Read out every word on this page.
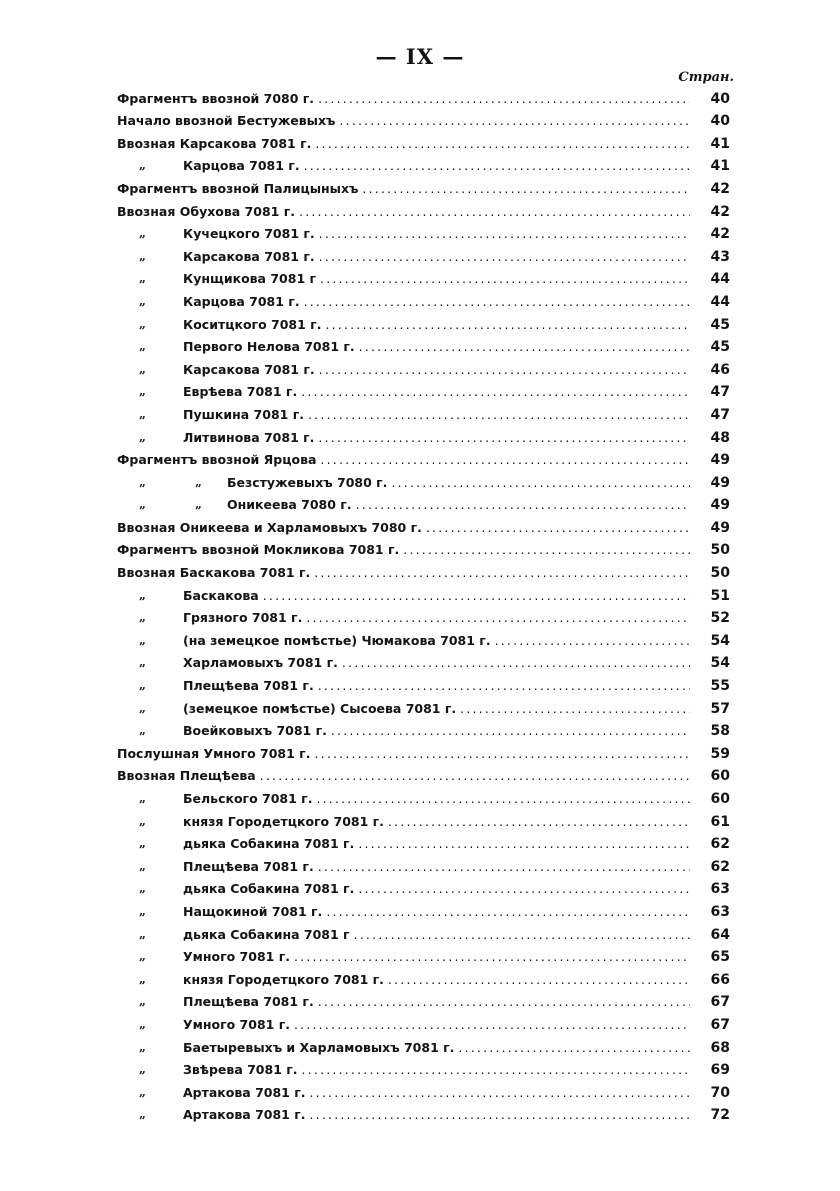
— IX —
Стран.
Фрагментъ ввозной 7080 г. .....	40
Начало ввозной Бестужевыхъ .....	40
Ввозная Карсакова 7081 г. .....	41
„	Карцова 7081 г. .....	41
Фрагментъ ввозной Палицыныхъ .....	42
Ввозная Обухова 7081 г. .....	42
„	Кучецкого 7081 г. .....	42
„	Карсакова 7081 г. .....	43
„	Кунщикова 7081 г .....	44
„	Карцова 7081 г. .....	44
„	Коситцкого 7081 г. .....	45
„	Первого Нелова 7081 г. .....	45
„	Карсакова 7081 г. .....	46
„	Еврѣева 7081 г. .....	47
„	Пушкина 7081 г. .....	47
„	Литвинова 7081 г. .....	48
Фрагментъ ввозной Ярцова .....	49
„	„ Безстужевыхъ 7080 г. .....	49
„	„ Оникеева 7080 г. .....	49
Ввозная Оникеева и Харламовыхъ 7080 г. .....	49
Фрагментъ ввозной Мокликова 7081 г. .....	50
Ввозная Баскакова 7081 г. .....	50
„	Баскакова .....	51
„	Грязного 7081 г. .....	52
„	(на земецкое помѣстье) Чюмакова 7081 г. .....	54
„	Харламовыхъ 7081 г. .....	54
„	Плещѣева 7081 г. .....	55
„	(земецкое помѣстье) Сысоева 7081 г. .....	57
„	Воейковыхъ 7081 г. .....	58
Послушная Умного 7081 г. .....	59
Ввозная Плещѣева .....	60
„	Бельского 7081 г. .....	60
„	князя Городетцкого 7081 г. .....	61
„	дьяка Собакина 7081 г. .....	62
„	Плещѣева 7081 г. .....	62
„	дьяка Собакина 7081 г. .....	63
„	Нащокиной 7081 г. .....	63
„	дьяка Собакина 7081 г .....	64
„	Умного 7081 г. .....	65
„	князя Городетцкого 7081 г. .....	66
„	Плещѣева 7081 г. .....	67
„	Умного 7081 г. .....	67
„	Баетыревыхъ и Харламовыхъ 7081 г. .....	68
„	Звѣрева 7081 г. .....	69
„	Артакова 7081 г. .....	70
„	Артакова 7081 г. .....	72
